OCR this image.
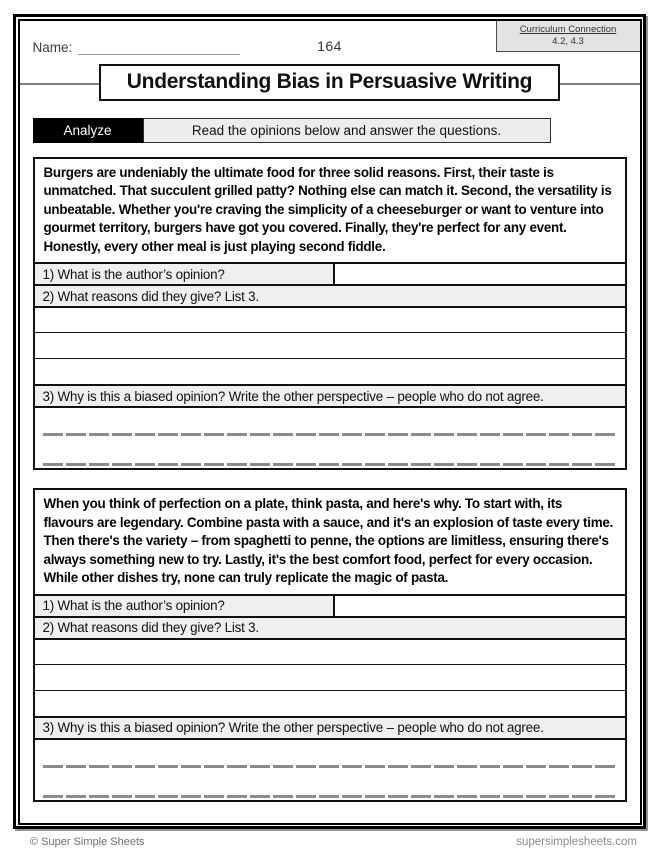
Curriculum Connection
4.2, 4.3
Name:	164
Understanding Bias in Persuasive Writing
Analyze	Read the opinions below and answer the questions.
Burgers are undeniably the ultimate food for three solid reasons. First, their taste is unmatched. That succulent grilled patty? Nothing else can match it. Second, the versatility is unbeatable. Whether you're craving the simplicity of a cheeseburger or want to venture into gourmet territory, burgers have got you covered. Finally, they're perfect for any event. Honestly, every other meal is just playing second fiddle.
1) What is the author’s opinion?
2) What reasons did they give? List 3.
3) Why is this a biased opinion? Write the other perspective – people who do not agree.
When you think of perfection on a plate, think pasta, and here's why. To start with, its flavours are legendary. Combine pasta with a sauce, and it's an explosion of taste every time. Then there's the variety – from spaghetti to penne, the options are limitless, ensuring there's always something new to try. Lastly, it's the best comfort food, perfect for every occasion. While other dishes try, none can truly replicate the magic of pasta.
1) What is the author’s opinion?
2) What reasons did they give? List 3.
3) Why is this a biased opinion? Write the other perspective – people who do not agree.
© Super Simple Sheets	supersimplesheets.com
